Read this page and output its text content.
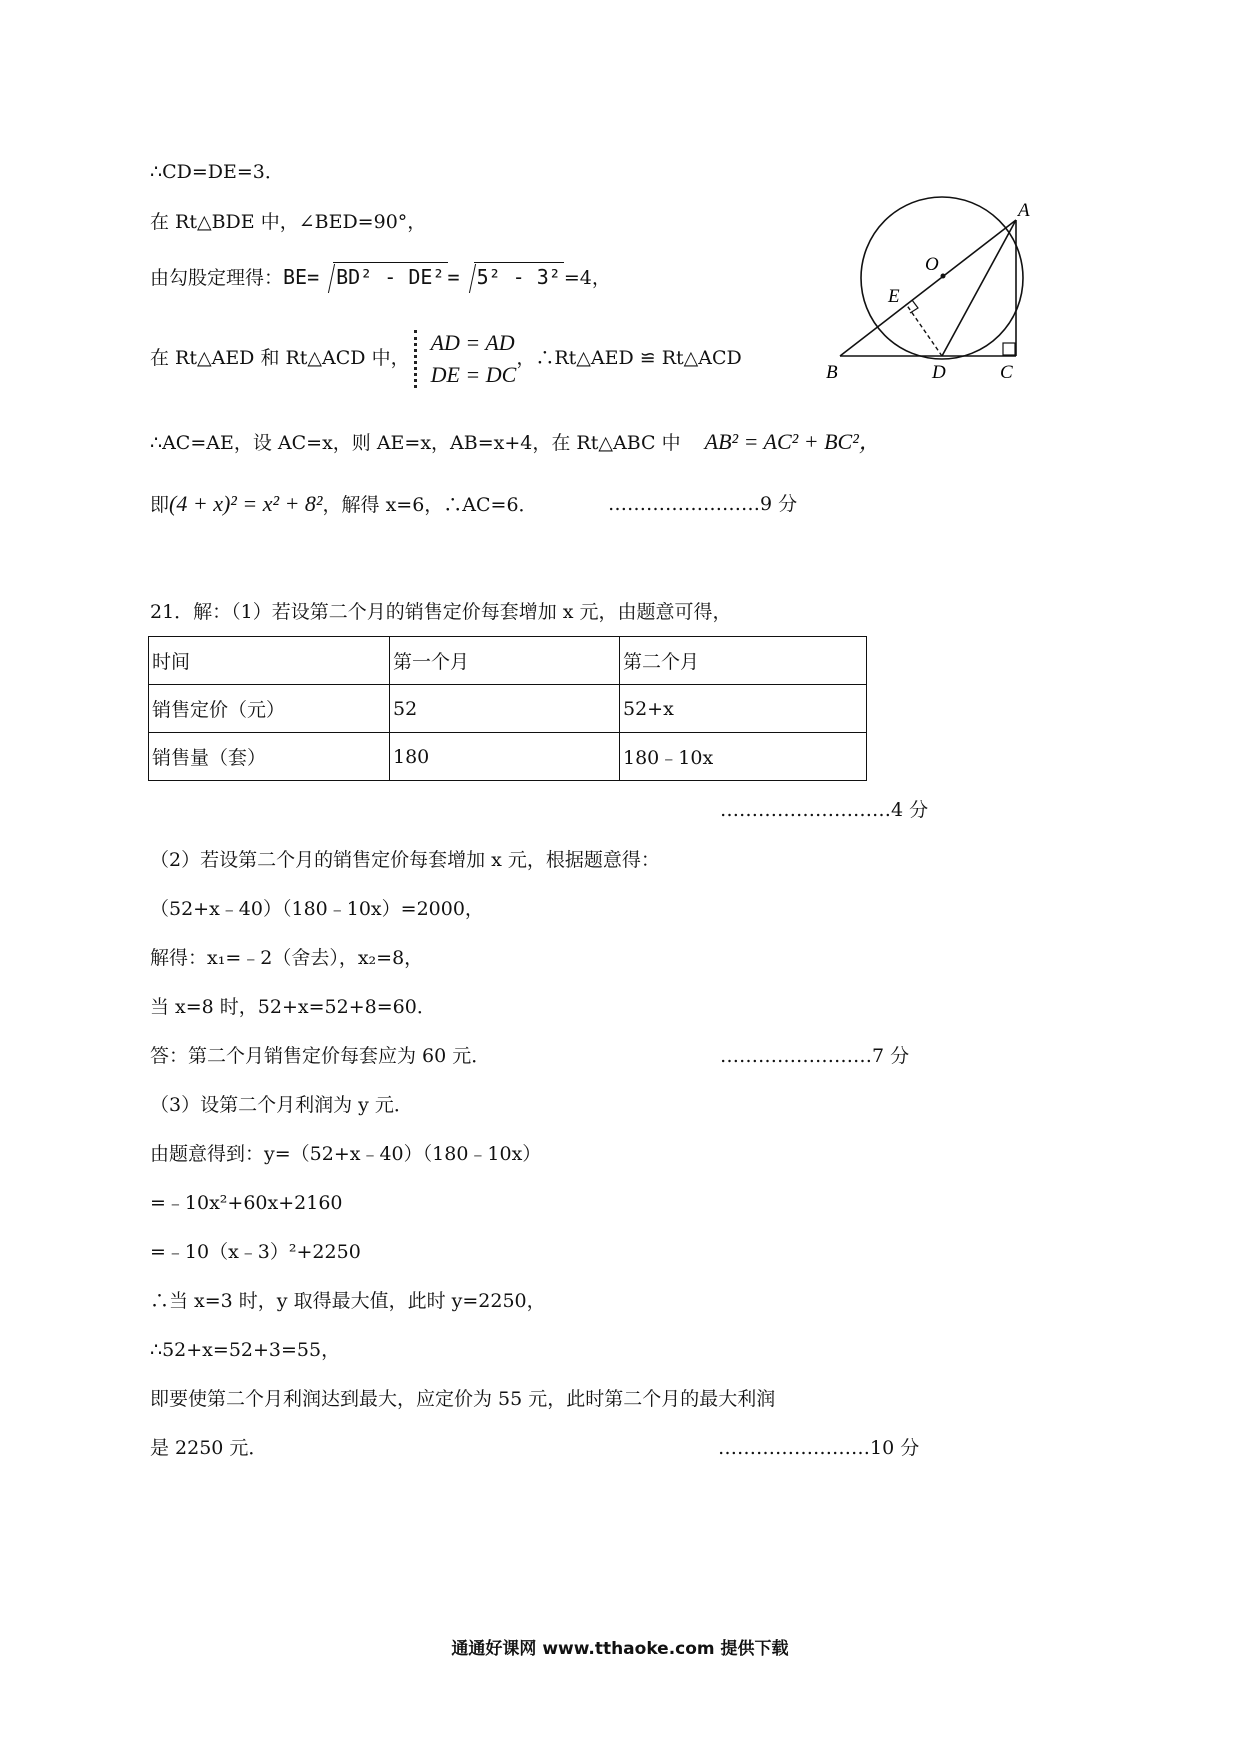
∴CD=DE=3．
在 Rt△BDE 中，∠BED=90°，
由勾股定理得：BE= BD² - DE² = 5² - 3² =4，
在 Rt△AED 和 Rt△ACD 中，
AD = AD
DE = DC
，∴Rt△AED ≌ Rt△ACD
∴AC=AE，设 AC=x，则 AE=x，AB=x+4，在 Rt△ABC 中 AB² = AC² + BC²，
即(4 + x)² = x² + 8²，解得 x=6，∴AC=6．	……………………9 分
O
A
B	D	C
E
21．解：（1）若设第二个月的销售定价每套增加 x 元，由题意可得，
时间	第一个月	第二个月
销售定价（元）	52	52+x
销售量（套）	180	180﹣10x
………………………4 分
（2）若设第二个月的销售定价每套增加 x 元，根据题意得：
（52+x﹣40）（180﹣10x）=2000，
解得：x₁=﹣2（舍去），x₂=8，
当 x=8 时，52+x=52+8=60．
答：第二个月销售定价每套应为 60 元．	……………………7 分
（3）设第二个月利润为 y 元．
由题意得到：y=（52+x﹣40）（180﹣10x）
=﹣10x²+60x+2160
=﹣10（x﹣3）²+2250
∴当 x=3 时，y 取得最大值，此时 y=2250，
∴52+x=52+3=55，
即要使第二个月利润达到最大，应定价为 55 元，此时第二个月的最大利润
是 2250 元．	……………………10 分
通通好课网 www.tthaoke.com 提供下载
